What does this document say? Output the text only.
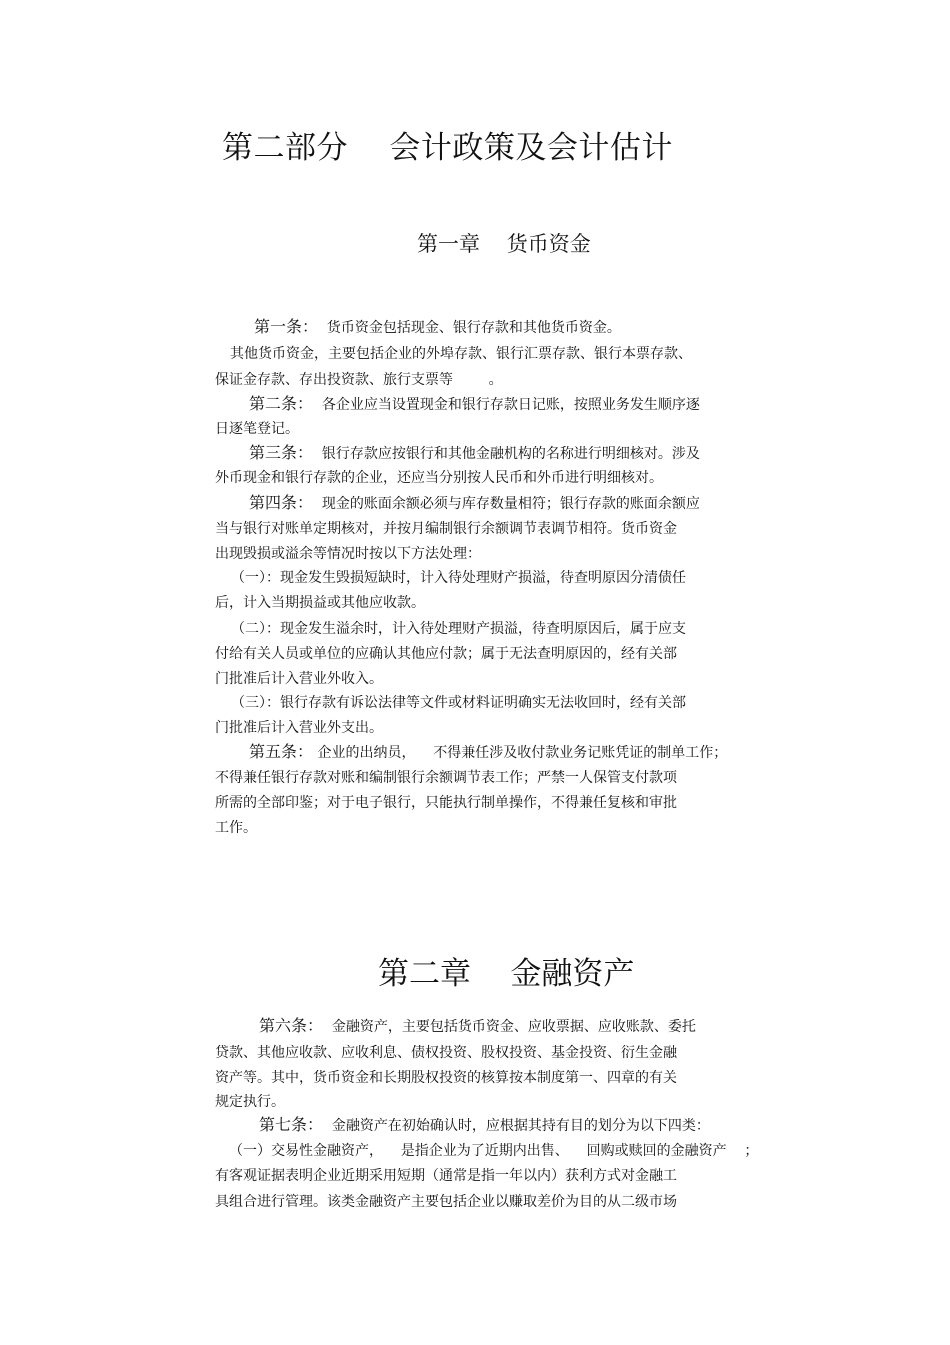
第二部分    会计政策及会计估计
第一章    货币资金
第一条：  货币资金包括现金、银行存款和其他货币资金。
其他货币资金，主要包括企业的外埠存款、银行汇票存款、银行本票存款、
保证金存款、存出投资款、旅行支票等        。
第二条：  各企业应当设置现金和银行存款日记账，按照业务发生顺序逐
日逐笔登记。
第三条：  银行存款应按银行和其他金融机构的名称进行明细核对。涉及
外币现金和银行存款的企业，还应当分别按人民币和外币进行明细核对。
第四条：  现金的账面余额必须与库存数量相符；银行存款的账面余额应
当与银行对账单定期核对，并按月编制银行余额调节表调节相符。货币资金
出现毁损或溢余等情况时按以下方法处理：
（一）：现金发生毁损短缺时，计入待处理财产损溢，待查明原因分清债任
后，计入当期损益或其他应收款。
（二）：现金发生溢余时，计入待处理财产损溢，待查明原因后，属于应支
付给有关人员或单位的应确认其他应付款；属于无法查明原因的，经有关部
门批准后计入营业外收入。
（三）：银行存款有诉讼法律等文件或材料证明确实无法收回时，经有关部
门批准后计入营业外支出。
第五条： 企业的出纳员，    不得兼任涉及收付款业务记账凭证的制单工作；
不得兼任银行存款对账和编制银行余额调节表工作；严禁一人保管支付款项
所需的全部印鉴；对于电子银行，只能执行制单操作，不得兼任复核和审批
工作。
第二章    金融资产
第六条：  金融资产，主要包括货币资金、应收票据、应收账款、委托
贷款、其他应收款、应收利息、债权投资、股权投资、基金投资、衍生金融
资产等。其中，货币资金和长期股权投资的核算按本制度第一、四章的有关
规定执行。
第七条：  金融资产在初始确认时，应根据其持有目的划分为以下四类：
（一）交易性金融资产，    是指企业为了近期内出售、    回购或赎回的金融资产    ；
有客观证据表明企业近期采用短期（通常是指一年以内）获利方式对金融工
具组合进行管理。该类金融资产主要包括企业以赚取差价为目的从二级市场
